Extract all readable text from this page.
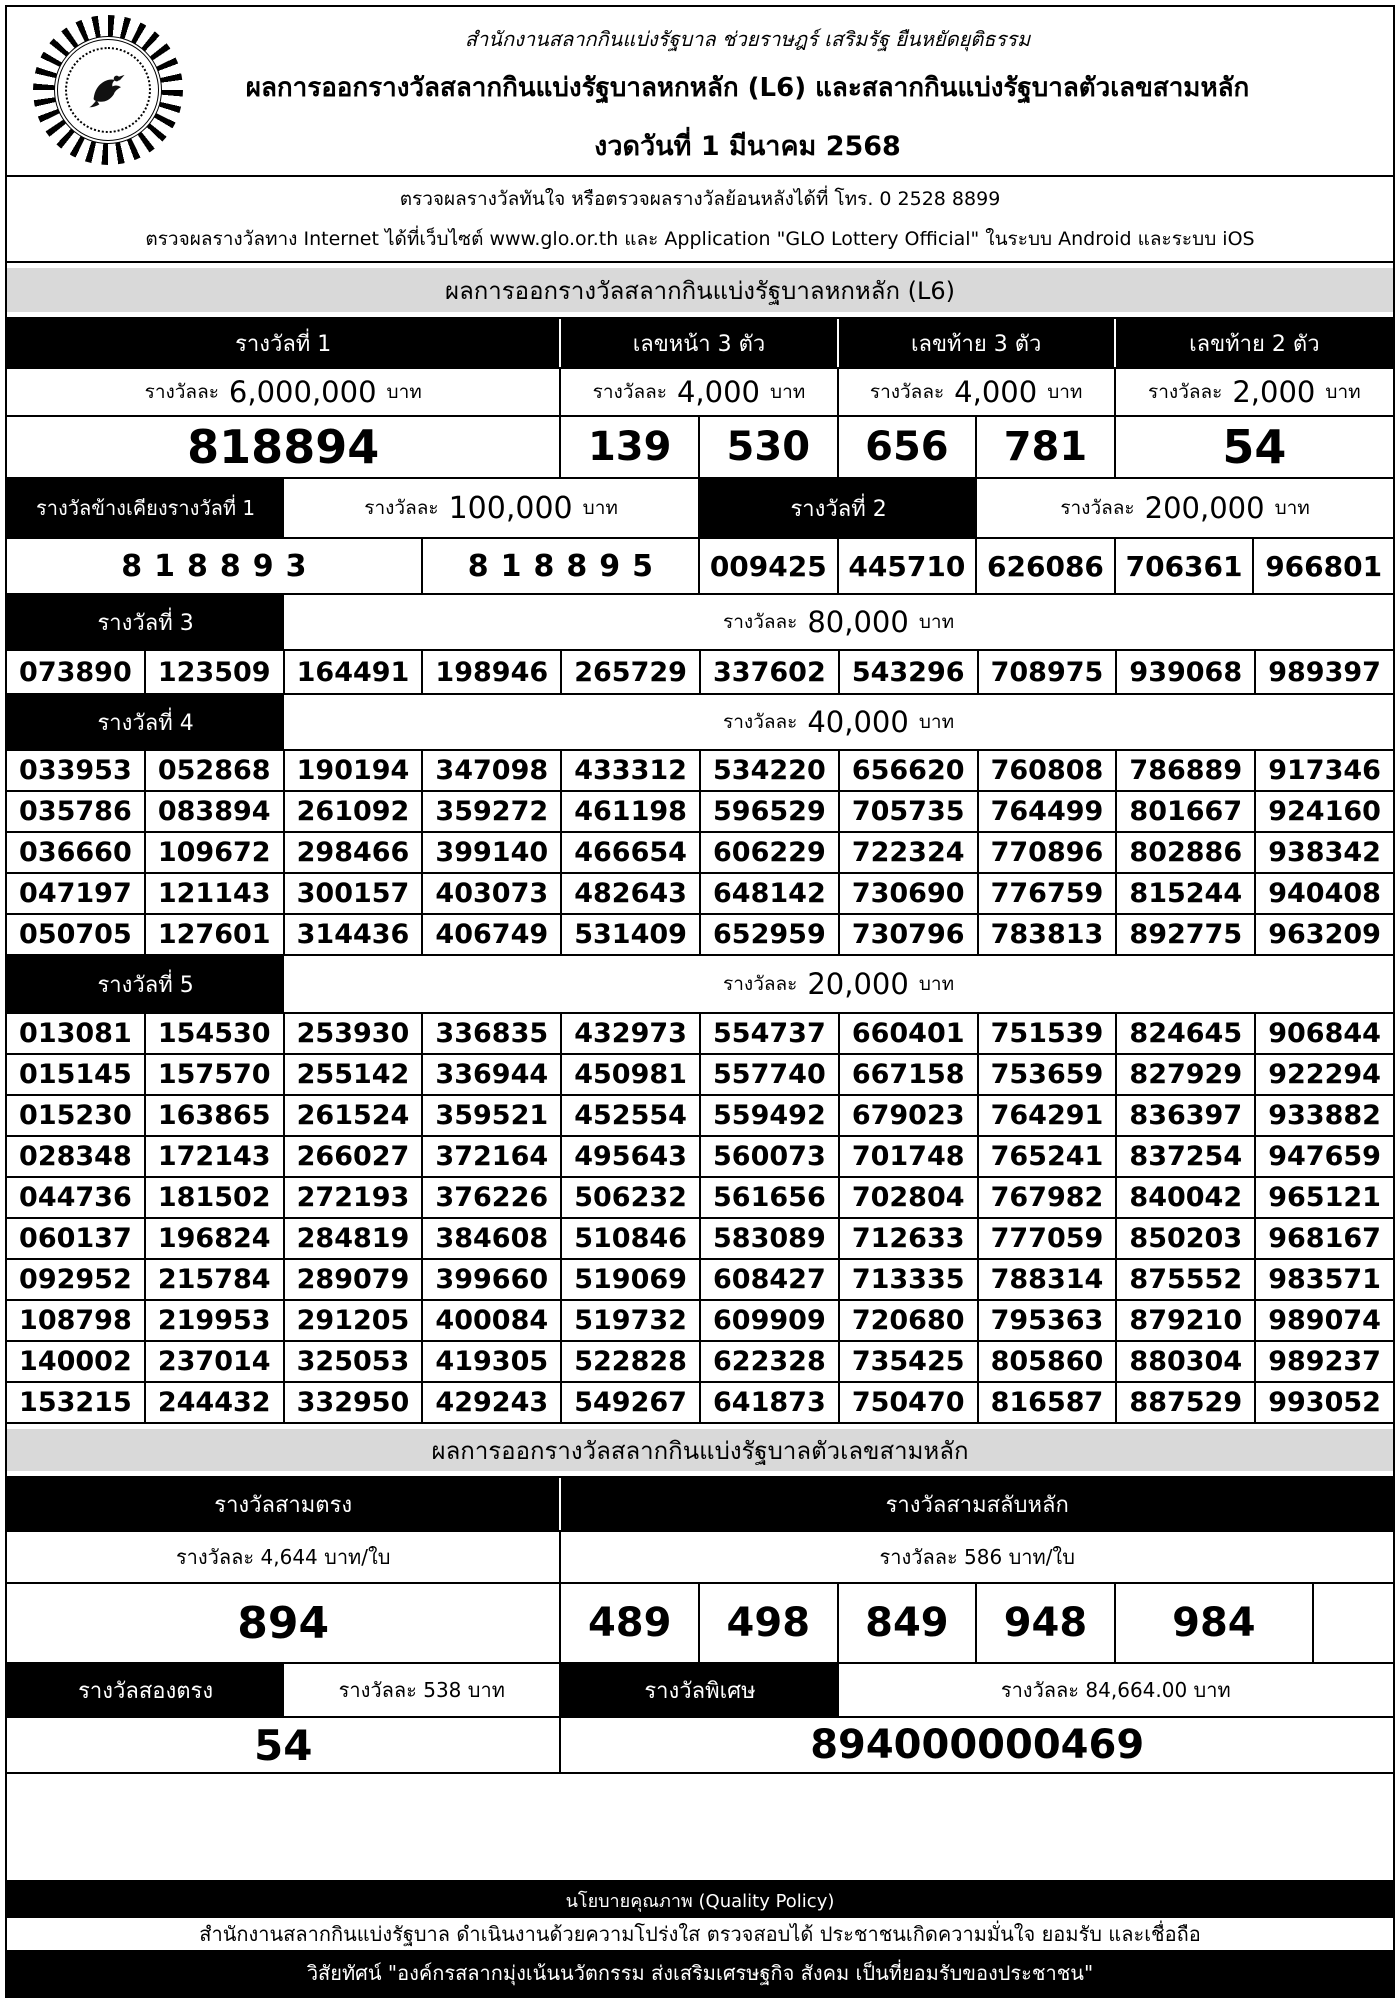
สำนักงานสลากกินแบ่งรัฐบาล ช่วยราษฎร์ เสริมรัฐ ยืนหยัดยุติธรรม
ผลการออกรางวัลสลากกินแบ่งรัฐบาลหกหลัก (L6) และสลากกินแบ่งรัฐบาลตัวเลขสามหลัก
งวดวันที่ 1 มีนาคม 2568
ตรวจผลรางวัลทันใจ หรือตรวจผลรางวัลย้อนหลังได้ที่ โทร. 0 2528 8899
ตรวจผลรางวัลทาง Internet ได้ที่เว็บไซต์ www.glo.or.th และ Application "GLO Lottery Official" ในระบบ Android และระบบ iOS
ผลการออกรางวัลสลากกินแบ่งรัฐบาลหกหลัก (L6)
รางวัลที่ 1	เลขหน้า 3 ตัว	เลขท้าย 3 ตัว	เลขท้าย 2 ตัว
รางวัลละ 6,000,000 บาท	รางวัลละ 4,000 บาท	รางวัลละ 4,000 บาท	รางวัลละ 2,000 บาท
818894	139	530	656	781	54
รางวัลข้างเคียงรางวัลที่ 1	รางวัลละ 100,000 บาท	รางวัลที่ 2	รางวัลละ 200,000 บาท
818893	818895	009425 445710 626086 706361 966801
รางวัลที่ 3	รางวัลละ 80,000 บาท
073890 123509 164491 198946 265729 337602 543296 708975 939068 989397
รางวัลที่ 4	รางวัลละ 40,000 บาท
033953 052868 190194 347098 433312 534220 656620 760808 786889 917346
035786 083894 261092 359272 461198 596529 705735 764499 801667 924160
036660 109672 298466 399140 466654 606229 722324 770896 802886 938342
047197 121143 300157 403073 482643 648142 730690 776759 815244 940408
050705 127601 314436 406749 531409 652959 730796 783813 892775 963209
รางวัลที่ 5	รางวัลละ 20,000 บาท
013081 154530 253930 336835 432973 554737 660401 751539 824645 906844
015145 157570 255142 336944 450981 557740 667158 753659 827929 922294
015230 163865 261524 359521 452554 559492 679023 764291 836397 933882
028348 172143 266027 372164 495643 560073 701748 765241 837254 947659
044736 181502 272193 376226 506232 561656 702804 767982 840042 965121
060137 196824 284819 384608 510846 583089 712633 777059 850203 968167
092952 215784 289079 399660 519069 608427 713335 788314 875552 983571
108798 219953 291205 400084 519732 609909 720680 795363 879210 989074
140002 237014 325053 419305 522828 622328 735425 805860 880304 989237
153215 244432 332950 429243 549267 641873 750470 816587 887529 993052
ผลการออกรางวัลสลากกินแบ่งรัฐบาลตัวเลขสามหลัก
รางวัลสามตรง	รางวัลสามสลับหลัก
รางวัลละ 4,644 บาท/ใบ	รางวัลละ 586 บาท/ใบ
894	489	498	849	948	984
รางวัลสองตรง	รางวัลละ 538 บาท	รางวัลพิเศษ	รางวัลละ 84,664.00 บาท
54	894000000469
นโยบายคุณภาพ (Quality Policy)
สำนักงานสลากกินแบ่งรัฐบาล ดำเนินงานด้วยความโปร่งใส ตรวจสอบได้ ประชาชนเกิดความมั่นใจ ยอมรับ และเชื่อถือ
วิสัยทัศน์ "องค์กรสลากมุ่งเน้นนวัตกรรม ส่งเสริมเศรษฐกิจ สังคม เป็นที่ยอมรับของประชาชน"
